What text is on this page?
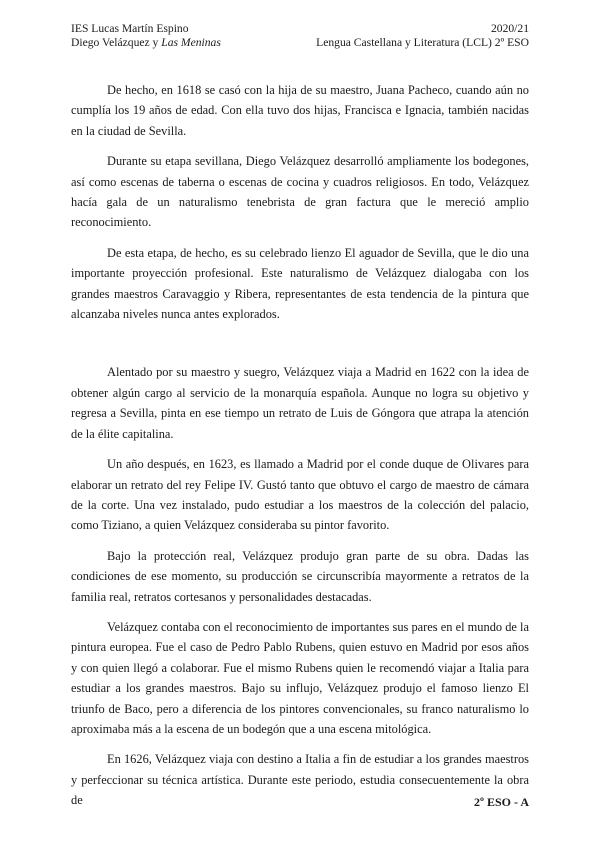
IES Lucas Martín Espino	2020/21
Diego Velázquez y Las Meninas	Lengua Castellana y Literatura (LCL) 2º ESO

De hecho, en 1618 se casó con la hija de su maestro, Juana Pacheco, cuando aún no cumplía los 19 años de edad. Con ella tuvo dos hijas, Francisca e Ignacia, también nacidas en la ciudad de Sevilla.

Durante su etapa sevillana, Diego Velázquez desarrolló ampliamente los bodegones, así como escenas de taberna o escenas de cocina y cuadros religiosos. En todo, Velázquez hacía gala de un naturalismo tenebrista de gran factura que le mereció amplio reconocimiento.

De esta etapa, de hecho, es su celebrado lienzo El aguador de Sevilla, que le dio una importante proyección profesional. Este naturalismo de Velázquez dialogaba con los grandes maestros Caravaggio y Ribera, representantes de esta tendencia de la pintura que alcanzaba niveles nunca antes explorados.

Alentado por su maestro y suegro, Velázquez viaja a Madrid en 1622 con la idea de obtener algún cargo al servicio de la monarquía española. Aunque no logra su objetivo y regresa a Sevilla, pinta en ese tiempo un retrato de Luis de Góngora que atrapa la atención de la élite capitalina.

Un año después, en 1623, es llamado a Madrid por el conde duque de Olivares para elaborar un retrato del rey Felipe IV. Gustó tanto que obtuvo el cargo de maestro de cámara de la corte. Una vez instalado, pudo estudiar a los maestros de la colección del palacio, como Tiziano, a quien Velázquez consideraba su pintor favorito.

Bajo la protección real, Velázquez produjo gran parte de su obra. Dadas las condiciones de ese momento, su producción se circunscribía mayormente a retratos de la familia real, retratos cortesanos y personalidades destacadas.

Velázquez contaba con el reconocimiento de importantes sus pares en el mundo de la pintura europea. Fue el caso de Pedro Pablo Rubens, quien estuvo en Madrid por esos años y con quien llegó a colaborar. Fue el mismo Rubens quien le recomendó viajar a Italia para estudiar a los grandes maestros. Bajo su influjo, Velázquez produjo el famoso lienzo El triunfo de Baco, pero a diferencia de los pintores convencionales, su franco naturalismo lo aproximaba más a la escena de un bodegón que a una escena mitológica.

En 1626, Velázquez viaja con destino a Italia a fin de estudiar a los grandes maestros y perfeccionar su técnica artística. Durante este periodo, estudia consecuentemente la obra de	2º ESO - A
